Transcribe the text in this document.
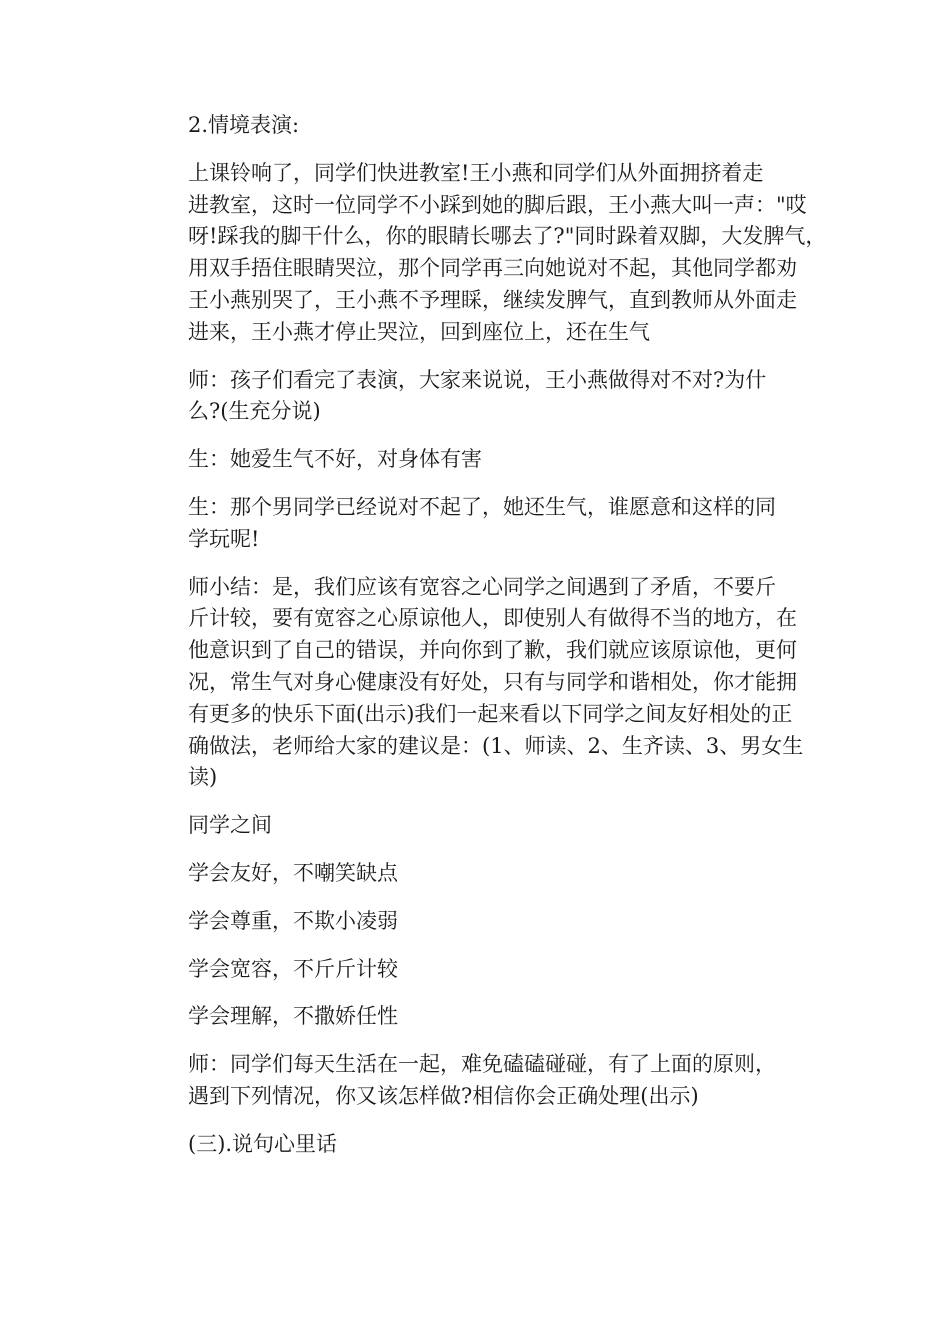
2.情境表演:

上课铃响了，同学们快进教室!王小燕和同学们从外面拥挤着走
进教室，这时一位同学不小踩到她的脚后跟，王小燕大叫一声："哎
呀!踩我的脚干什么，你的眼睛长哪去了?"同时跺着双脚，大发脾气，
用双手捂住眼睛哭泣，那个同学再三向她说对不起，其他同学都劝
王小燕别哭了，王小燕不予理睬，继续发脾气，直到教师从外面走
进来，王小燕才停止哭泣，回到座位上，还在生气

师：孩子们看完了表演，大家来说说，王小燕做得对不对?为什
么?(生充分说)

生：她爱生气不好，对身体有害

生：那个男同学已经说对不起了，她还生气，谁愿意和这样的同
学玩呢!

师小结：是，我们应该有宽容之心同学之间遇到了矛盾，不要斤
斤计较，要有宽容之心原谅他人，即使别人有做得不当的地方，在
他意识到了自己的错误，并向你到了歉，我们就应该原谅他，更何
况，常生气对身心健康没有好处，只有与同学和谐相处，你才能拥
有更多的快乐下面(出示)我们一起来看以下同学之间友好相处的正
确做法，老师给大家的建议是：(1、师读、2、生齐读、3、男女生
读)

同学之间

学会友好，不嘲笑缺点

学会尊重，不欺小凌弱

学会宽容，不斤斤计较

学会理解，不撒娇任性

师：同学们每天生活在一起，难免磕磕碰碰，有了上面的原则，
遇到下列情况，你又该怎样做?相信你会正确处理(出示)

(三).说句心里话
